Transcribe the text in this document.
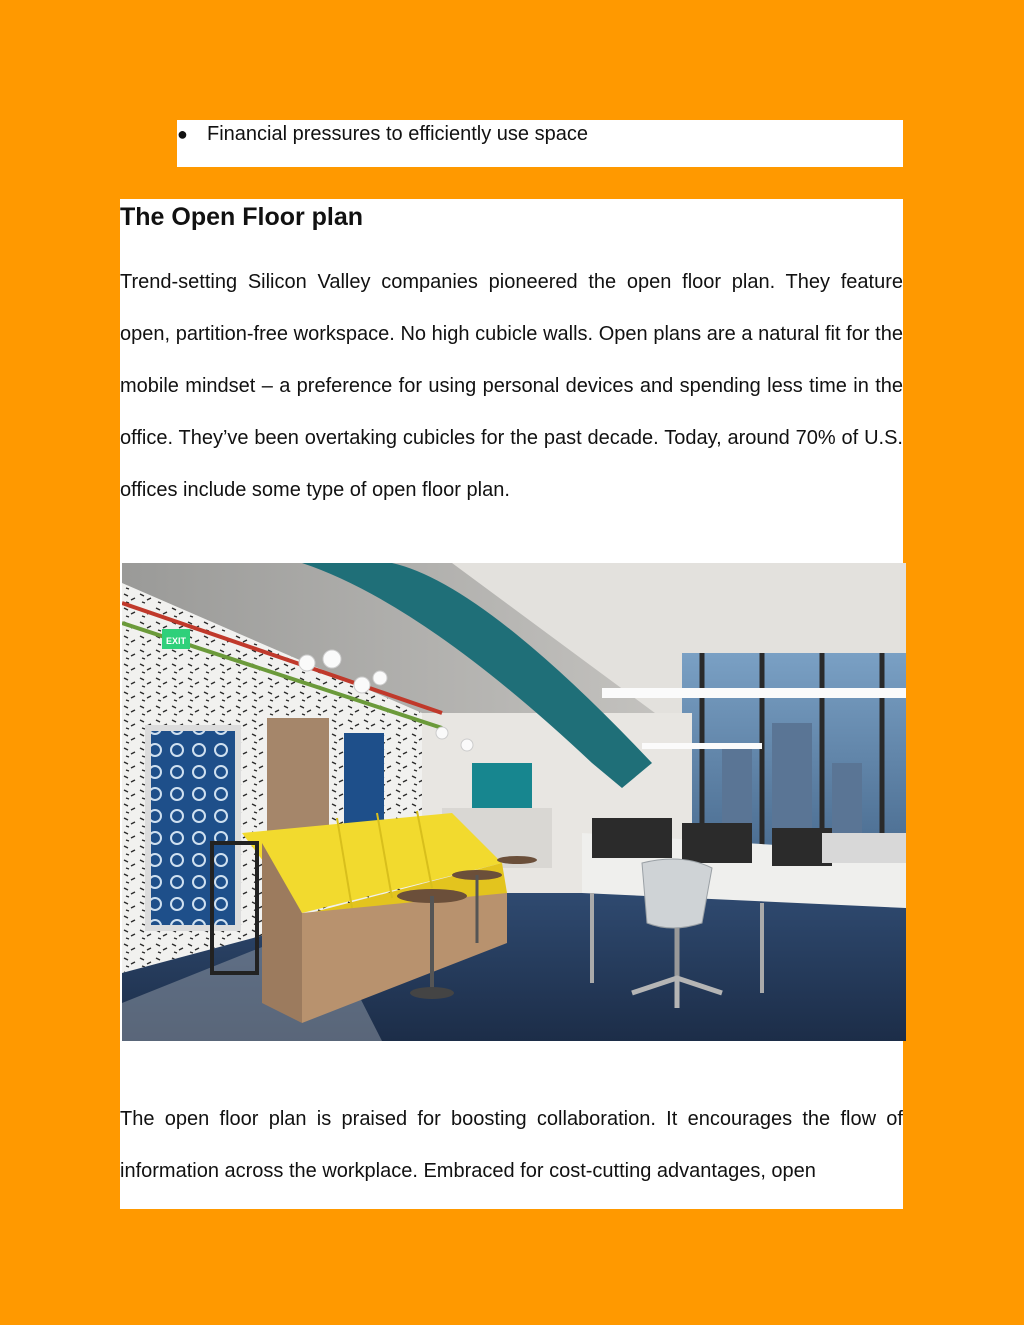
● Financial pressures to efficiently use space
The Open Floor plan

Trend-setting Silicon Valley companies pioneered the open floor plan. They feature open, partition-free workspace. No high cubicle walls. Open plans are a natural fit for the mobile mindset – a preference for using personal devices and spending less time in the office. They’ve been overtaking cubicles for the past decade. Today, around 70% of U.S. offices include some type of open floor plan.

EXIT

The open floor plan is praised for boosting collaboration. It encourages the flow of information across the workplace. Embraced for cost-cutting advantages, open
